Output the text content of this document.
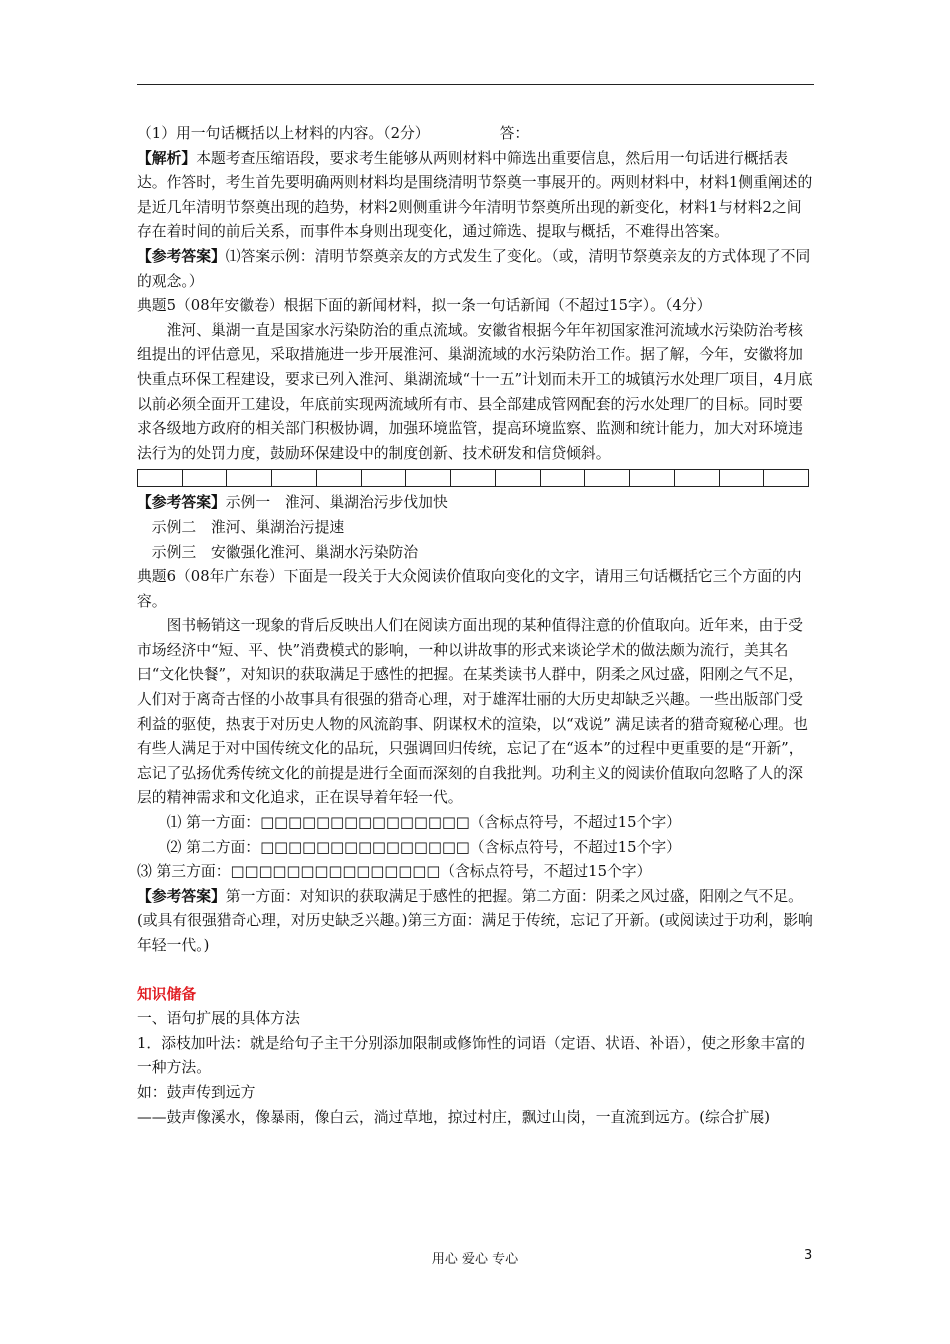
（1）用一句话概括以上材料的内容。（2分）	答：

【解析】本题考查压缩语段，要求考生能够从两则材料中筛选出重要信息，然后用一句话进行概括表达。作答时，考生首先要明确两则材料均是围绕清明节祭奠一事展开的。两则材料中，材料1侧重阐述的是近几年清明节祭奠出现的趋势，材料2则侧重讲今年清明节祭奠所出现的新变化，材料1与材料2之间存在着时间的前后关系，而事件本身则出现变化，通过筛选、提取与概括，不难得出答案。

【参考答案】⑴答案示例：清明节祭奠亲友的方式发生了变化。（或，清明节祭奠亲友的方式体现了不同的观念。）

典题5（08年安徽卷）根据下面的新闻材料，拟一条一句话新闻（不超过15字）。（4分）

淮河、巢湖一直是国家水污染防治的重点流域。安徽省根据今年年初国家淮河流域水污染防治考核组提出的评估意见，采取措施进一步开展淮河、巢湖流域的水污染防治工作。据了解，今年，安徽将加快重点环保工程建设，要求已列入淮河、巢湖流域“十一五”计划而未开工的城镇污水处理厂项目，4月底以前必须全面开工建设，年底前实现两流域所有市、县全部建成管网配套的污水处理厂的目标。同时要求各级地方政府的相关部门积极协调，加强环境监管，提高环境监察、监测和统计能力，加大对环境违法行为的处罚力度，鼓励环保建设中的制度创新、技术研发和信贷倾斜。

【参考答案】示例一　淮河、巢湖治污步伐加快

示例二　淮河、巢湖治污提速

示例三　安徽强化淮河、巢湖水污染防治

典题6（08年广东卷）下面是一段关于大众阅读价值取向变化的文字，请用三句话概括它三个方面的内容。

图书畅销这一现象的背后反映出人们在阅读方面出现的某种值得注意的价值取向。近年来，由于受市场经济中“短、平、快”消费模式的影响，一种以讲故事的形式来谈论学术的做法颇为流行，美其名曰“文化快餐”，对知识的获取满足于感性的把握。在某类读书人群中，阴柔之风过盛，阳刚之气不足，人们对于离奇古怪的小故事具有很强的猎奇心理，对于雄浑壮丽的大历史却缺乏兴趣。一些出版部门受利益的驱使，热衷于对历史人物的风流韵事、阴谋权术的渲染，以“戏说” 满足读者的猎奇窥秘心理。也有些人满足于对中国传统文化的品玩，只强调回归传统，忘记了在“返本”的过程中更重要的是“开新”，忘记了弘扬优秀传统文化的前提是进行全面而深刻的自我批判。功利主义的阅读价值取向忽略了人的深层的精神需求和文化追求，正在误导着年轻一代。

⑴ 第一方面：□□□□□□□□□□□□□□□（含标点符号，不超过15个字）

⑵ 第二方面：□□□□□□□□□□□□□□□（含标点符号，不超过15个字）

⑶ 第三方面：□□□□□□□□□□□□□□□（含标点符号，不超过15个字）

【参考答案】第一方面：对知识的获取满足于感性的把握。第二方面：阴柔之风过盛，阳刚之气不足。(或具有很强猎奇心理，对历史缺乏兴趣。)第三方面：满足于传统，忘记了开新。(或阅读过于功利，影响年轻一代。)

知识储备

一、语句扩展的具体方法

1．添枝加叶法：就是给句子主干分别添加限制或修饰性的词语（定语、状语、补语），使之形象丰富的一种方法。

如：鼓声传到远方

——鼓声像溪水，像暴雨，像白云，淌过草地，掠过村庄，飘过山岗，一直流到远方。(综合扩展)

用心 爱心 专心	3
